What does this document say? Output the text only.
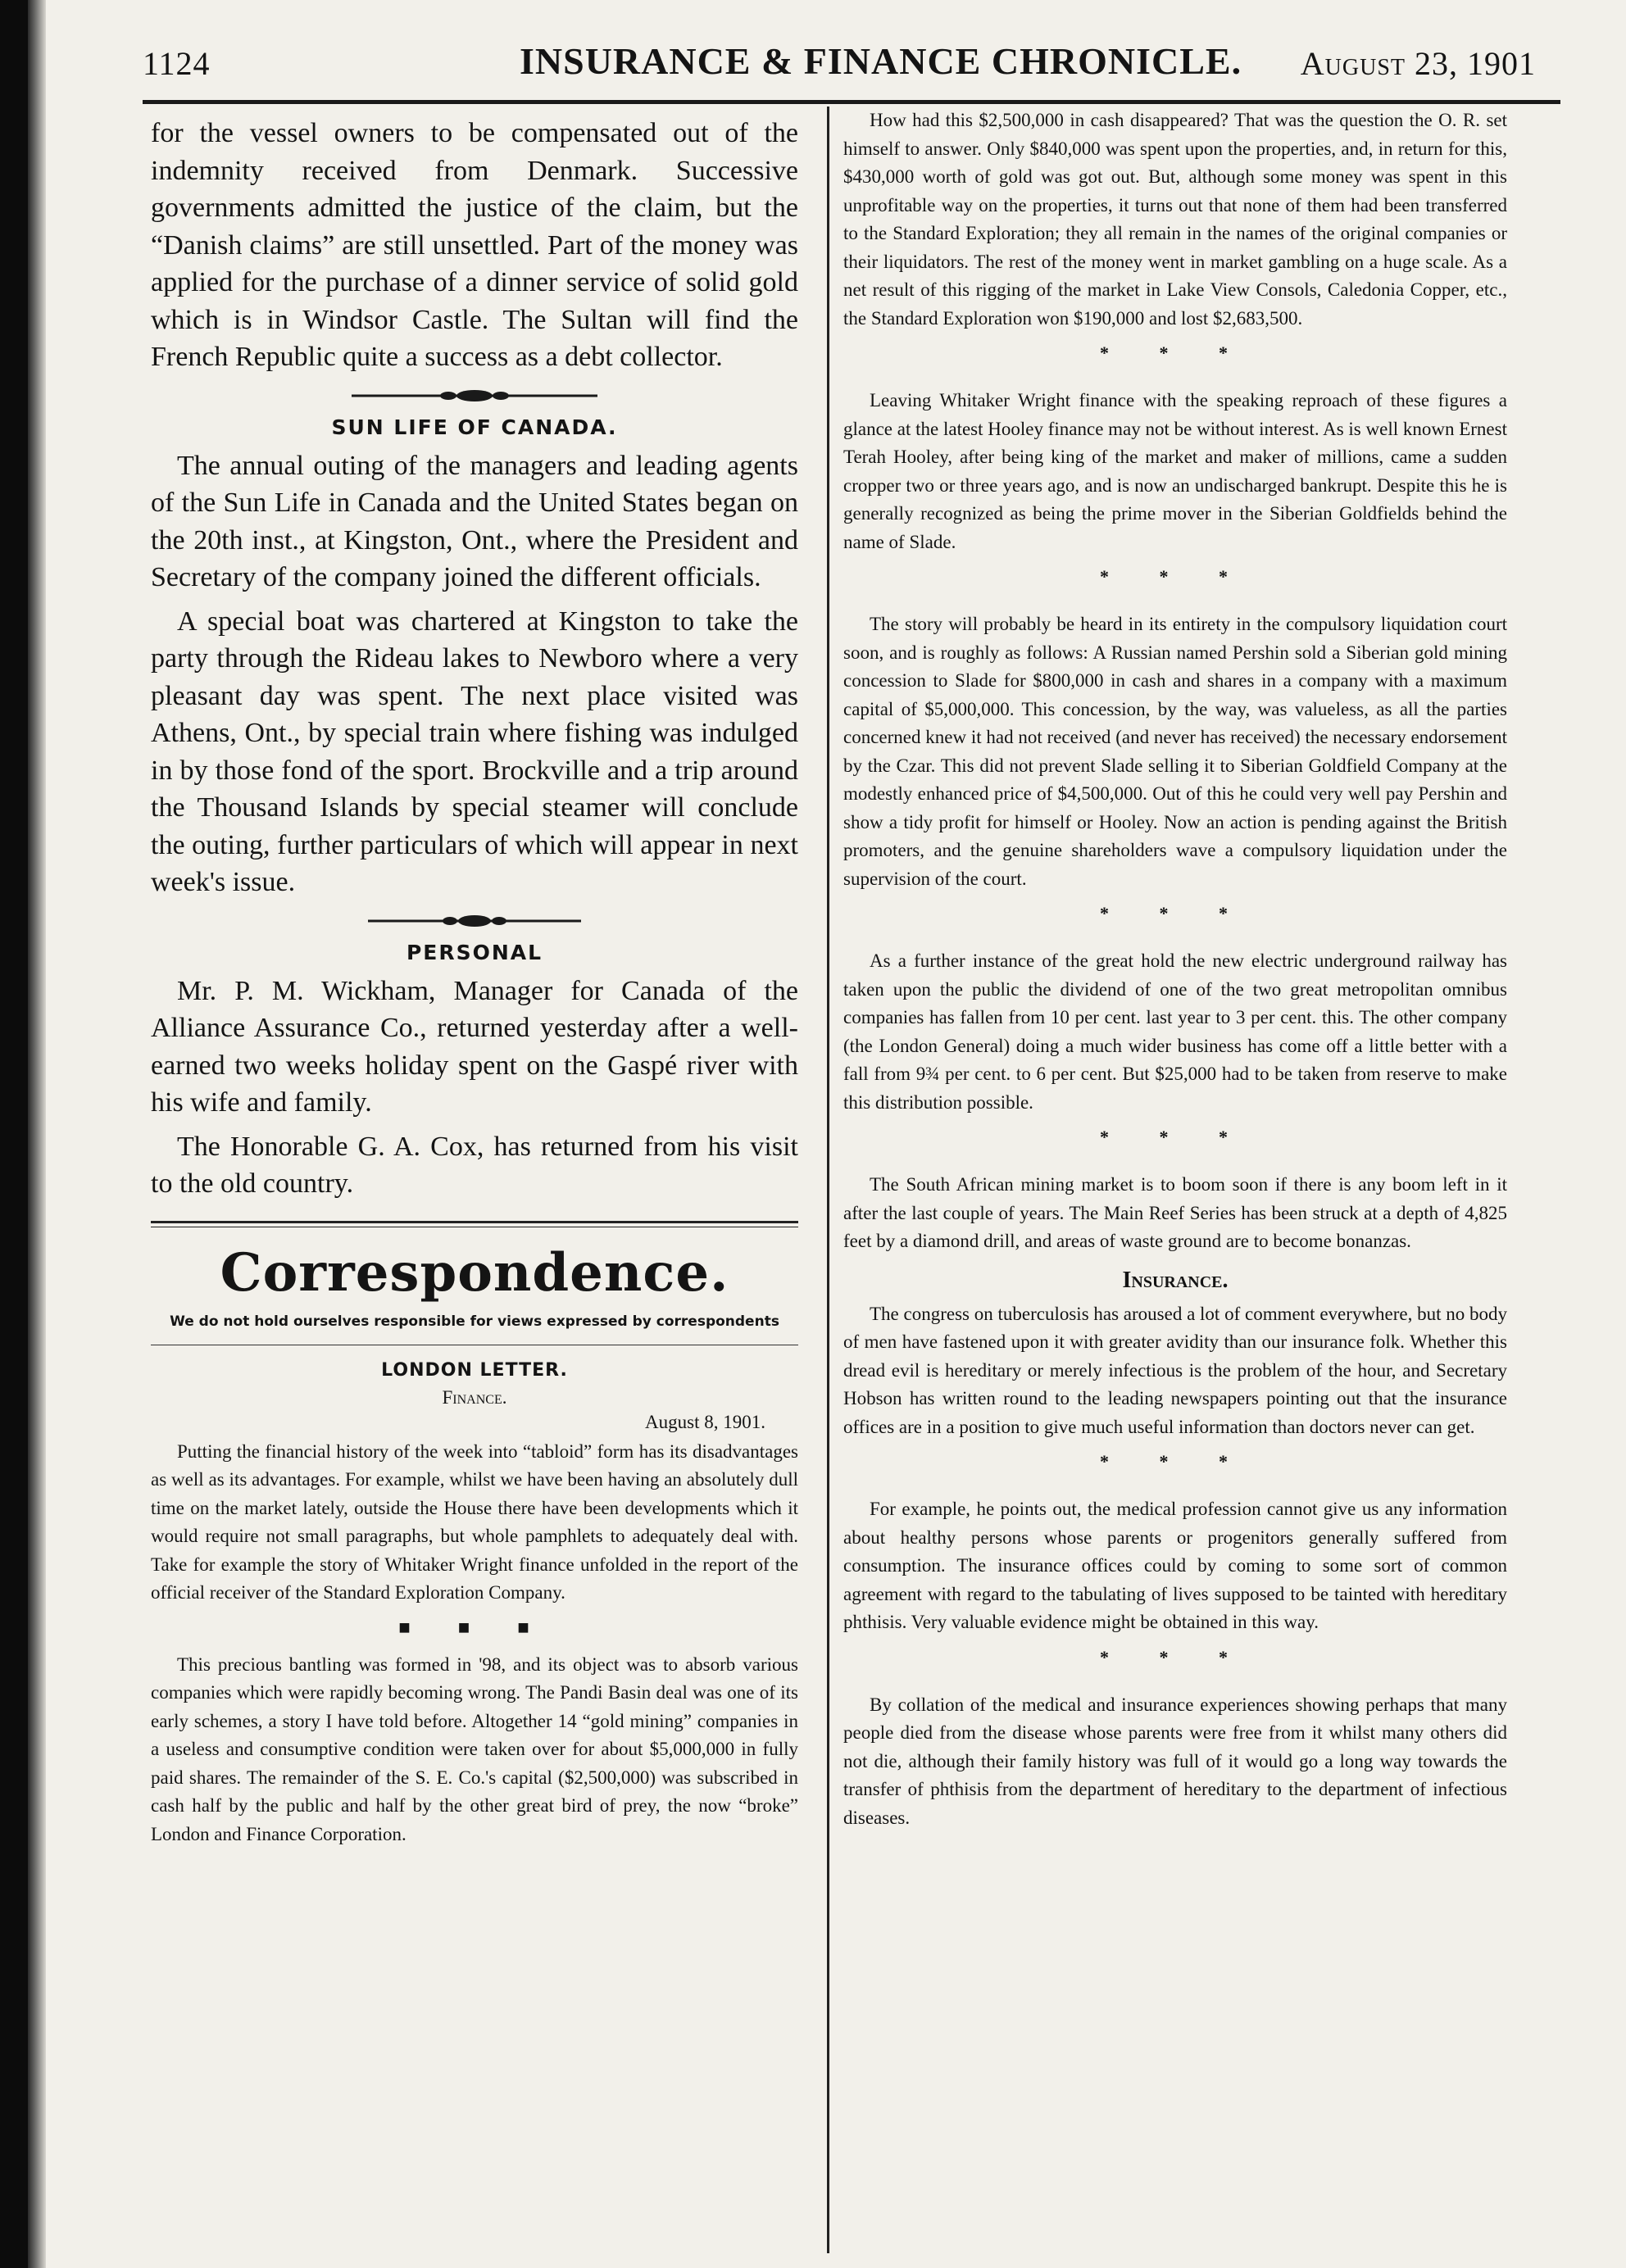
1124	INSURANCE & FINANCE CHRONICLE. August 23, 1901

for the vessel owners to be compensated out of the indemnity received from Denmark. Successive governments admitted the justice of the claim, but the “Danish claims” are still unsettled. Part of the money was applied for the purchase of a dinner service of solid gold which is in Windsor Castle. The Sultan will find the French Republic quite a success as a debt collector.

SUN LIFE OF CANADA.

The annual outing of the managers and leading agents of the Sun Life in Canada and the United States began on the 20th inst., at Kingston, Ont., where the President and Secretary of the company joined the different officials.

A special boat was chartered at Kingston to take the party through the Rideau lakes to Newboro where a very pleasant day was spent. The next place visited was Athens, Ont., by special train where fishing was indulged in by those fond of the sport. Brockville and a trip around the Thousand Islands by special steamer will conclude the outing, further particulars of which will appear in next week's issue.

PERSONAL

Mr. P. M. Wickham, Manager for Canada of the Alliance Assurance Co., returned yesterday after a well-earned two weeks holiday spent on the Gaspé river with his wife and family.

The Honorable G. A. Cox, has returned from his visit to the old country.

Correspondence.
We do not hold ourselves responsible for views expressed by correspondents
LONDON LETTER.
Finance.
August 8, 1901.

Putting the financial history of the week into “tabloid” form has its disadvantages as well as its advantages. For example, whilst we have been having an absolutely dull time on the market lately, outside the House there have been developments which it would require not small paragraphs, but whole pamphlets to adequately deal with. Take for example the story of Whitaker Wright finance unfolded in the report of the official receiver of the Standard Exploration Company.

■ ■ ■

This precious bantling was formed in '98, and its object was to absorb various companies which were rapidly becoming wrong. The Pandi Basin deal was one of its early schemes, a story I have told before. Altogether 14 “gold mining” companies in a useless and consumptive condition were taken over for about $5,000,000 in fully paid shares. The remainder of the S. E. Co.'s capital ($2,500,000) was subscribed in cash half by the public and half by the other great bird of prey, the now “broke” London and Finance Corporation.

How had this $2,500,000 in cash disappeared? That was the question the O. R. set himself to answer. Only $840,000 was spent upon the properties, and, in return for this, $430,000 worth of gold was got out. But, although some money was spent in this unprofitable way on the properties, it turns out that none of them had been transferred to the Standard Exploration; they all remain in the names of the original companies or their liquidators. The rest of the money went in market gambling on a huge scale. As a net result of this rigging of the market in Lake View Consols, Caledonia Copper, etc., the Standard Exploration won $190,000 and lost $2,683,500.

* * *

Leaving Whitaker Wright finance with the speaking reproach of these figures a glance at the latest Hooley finance may not be without interest. As is well known Ernest Terah Hooley, after being king of the market and maker of millions, came a sudden cropper two or three years ago, and is now an undischarged bankrupt. Despite this he is generally recognized as being the prime mover in the Siberian Goldfields behind the name of Slade.

* * *

The story will probably be heard in its entirety in the compulsory liquidation court soon, and is roughly as follows: A Russian named Pershin sold a Siberian gold mining concession to Slade for $800,000 in cash and shares in a company with a maximum capital of $5,000,000. This concession, by the way, was valueless, as all the parties concerned knew it had not received (and never has received) the necessary endorsement by the Czar. This did not prevent Slade selling it to Siberian Goldfield Company at the modestly enhanced price of $4,500,000. Out of this he could very well pay Pershin and show a tidy profit for himself or Hooley. Now an action is pending against the British promoters, and the genuine shareholders wave a compulsory liquidation under the supervision of the court.

* * *

As a further instance of the great hold the new electric underground railway has taken upon the public the dividend of one of the two great metropolitan omnibus companies has fallen from 10 per cent. last year to 3 per cent. this. The other company (the London General) doing a much wider business has come off a little better with a fall from 9¾ per cent. to 6 per cent. But $25,000 had to be taken from reserve to make this distribution possible.

* * *

The South African mining market is to boom soon if there is any boom left in it after the last couple of years. The Main Reef Series has been struck at a depth of 4,825 feet by a diamond drill, and areas of waste ground are to become bonanzas.

Insurance.

The congress on tuberculosis has aroused a lot of comment everywhere, but no body of men have fastened upon it with greater avidity than our insurance folk. Whether this dread evil is hereditary or merely infectious is the problem of the hour, and Secretary Hobson has written round to the leading newspapers pointing out that the insurance offices are in a position to give much useful information than doctors never can get.

* * *

For example, he points out, the medical profession cannot give us any information about healthy persons whose parents or progenitors generally suffered from consumption. The insurance offices could by coming to some sort of common agreement with regard to the tabulating of lives supposed to be tainted with hereditary phthisis. Very valuable evidence might be obtained in this way.

* * *

By collation of the medical and insurance experiences showing perhaps that many people died from the disease whose parents were free from it whilst many others did not die, although their family history was full of it would go a long way towards the transfer of phthisis from the department of hereditary to the department of infectious diseases.
